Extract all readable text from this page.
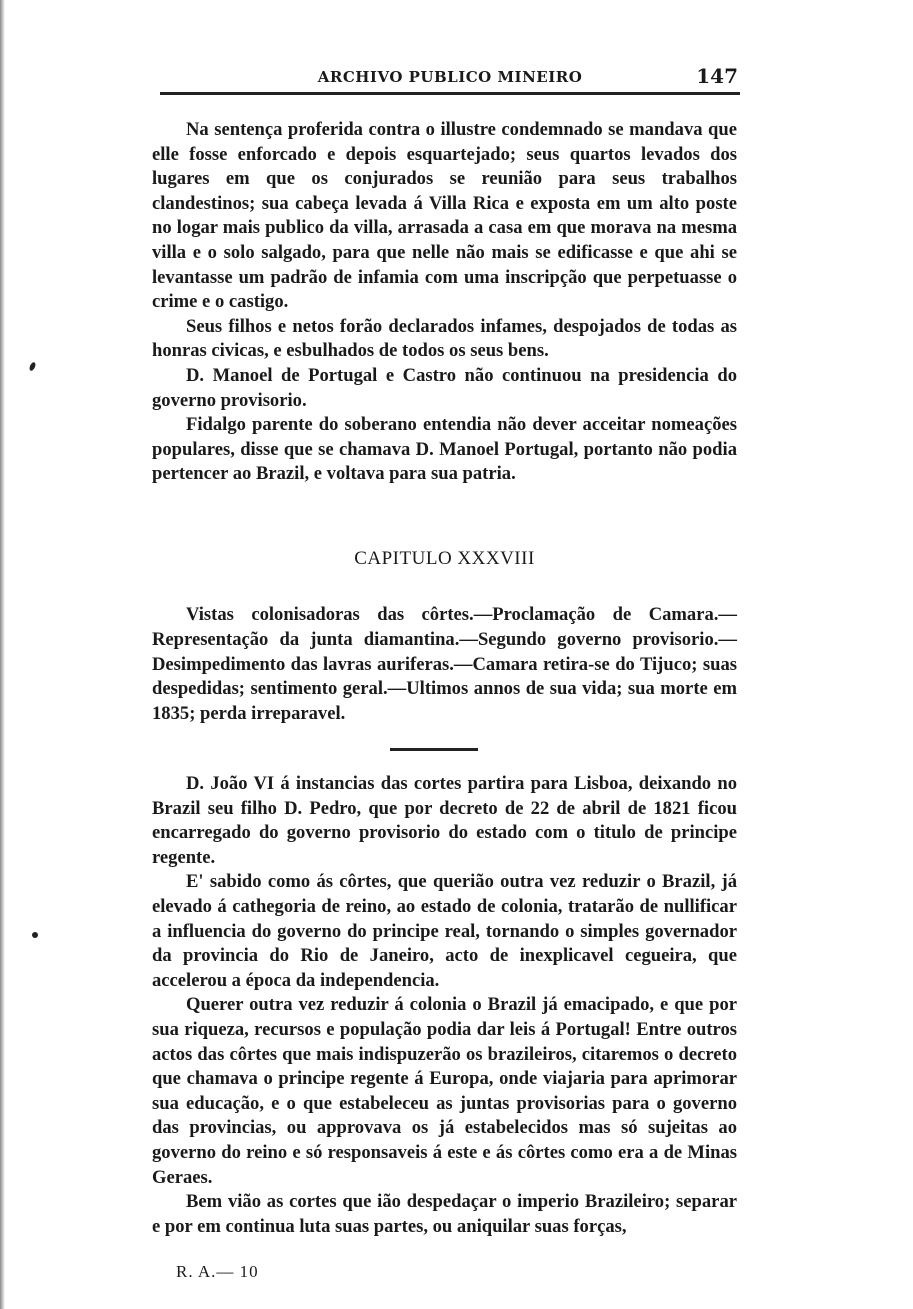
ARCHIVO PUBLICO MINEIRO	147

Na sentença proferida contra o illustre condemnado se mandava que elle fosse enforcado e depois esquartejado; seus quartos levados dos lugares em que os conjurados se reunião para seus trabalhos clandestinos; sua cabeça levada á Villa Rica e exposta em um alto poste no logar mais publico da villa, arrasada a casa em que morava na mesma villa e o solo salgado, para que nelle não mais se edificasse e que ahi se levantasse um padrão de infamia com uma inscripção que perpetuasse o crime e o castigo.

Seus filhos e netos forão declarados infames, despojados de todas as honras civicas, e esbulhados de todos os seus bens.

D. Manoel de Portugal e Castro não continuou na presidencia do governo provisorio.

Fidalgo parente do soberano entendia não dever acceitar nomeações populares, disse que se chamava D. Manoel Portugal, portanto não podia pertencer ao Brazil, e voltava para sua patria.

CAPITULO XXXVIII

Vistas colonisadoras das côrtes.—Proclamação de Camara.—Representação da junta diamantina.—Segundo governo provisorio.—Desimpedimento das lavras auriferas.—Camara retira-se do Tijuco; suas despedidas; sentimento geral.—Ultimos annos de sua vida; sua morte em 1835; perda irreparavel.

D. João VI á instancias das cortes partira para Lisboa, deixando no Brazil seu filho D. Pedro, que por decreto de 22 de abril de 1821 ficou encarregado do governo provisorio do estado com o titulo de principe regente.

E' sabido como ás côrtes, que querião outra vez reduzir o Brazil, já elevado á cathegoria de reino, ao estado de colonia, tratarão de nullificar a influencia do governo do principe real, tornando o simples governador da provincia do Rio de Janeiro, acto de inexplicavel cegueira, que accelerou a época da independencia.

Querer outra vez reduzir á colonia o Brazil já emacipado, e que por sua riqueza, recursos e população podia dar leis á Portugal! Entre outros actos das côrtes que mais indispuzerão os brazileiros, citaremos o decreto que chamava o principe regente á Europa, onde viajaria para aprimorar sua educação, e o que estabeleceu as juntas provisorias para o governo das provincias, ou approvava os já estabelecidos mas só sujeitas ao governo do reino e só responsaveis á este e ás côrtes como era a de Minas Geraes.

Bem vião as cortes que ião despedaçar o imperio Brazileiro; separar e por em continua luta suas partes, ou aniquilar suas forças,

R. A.— 10
